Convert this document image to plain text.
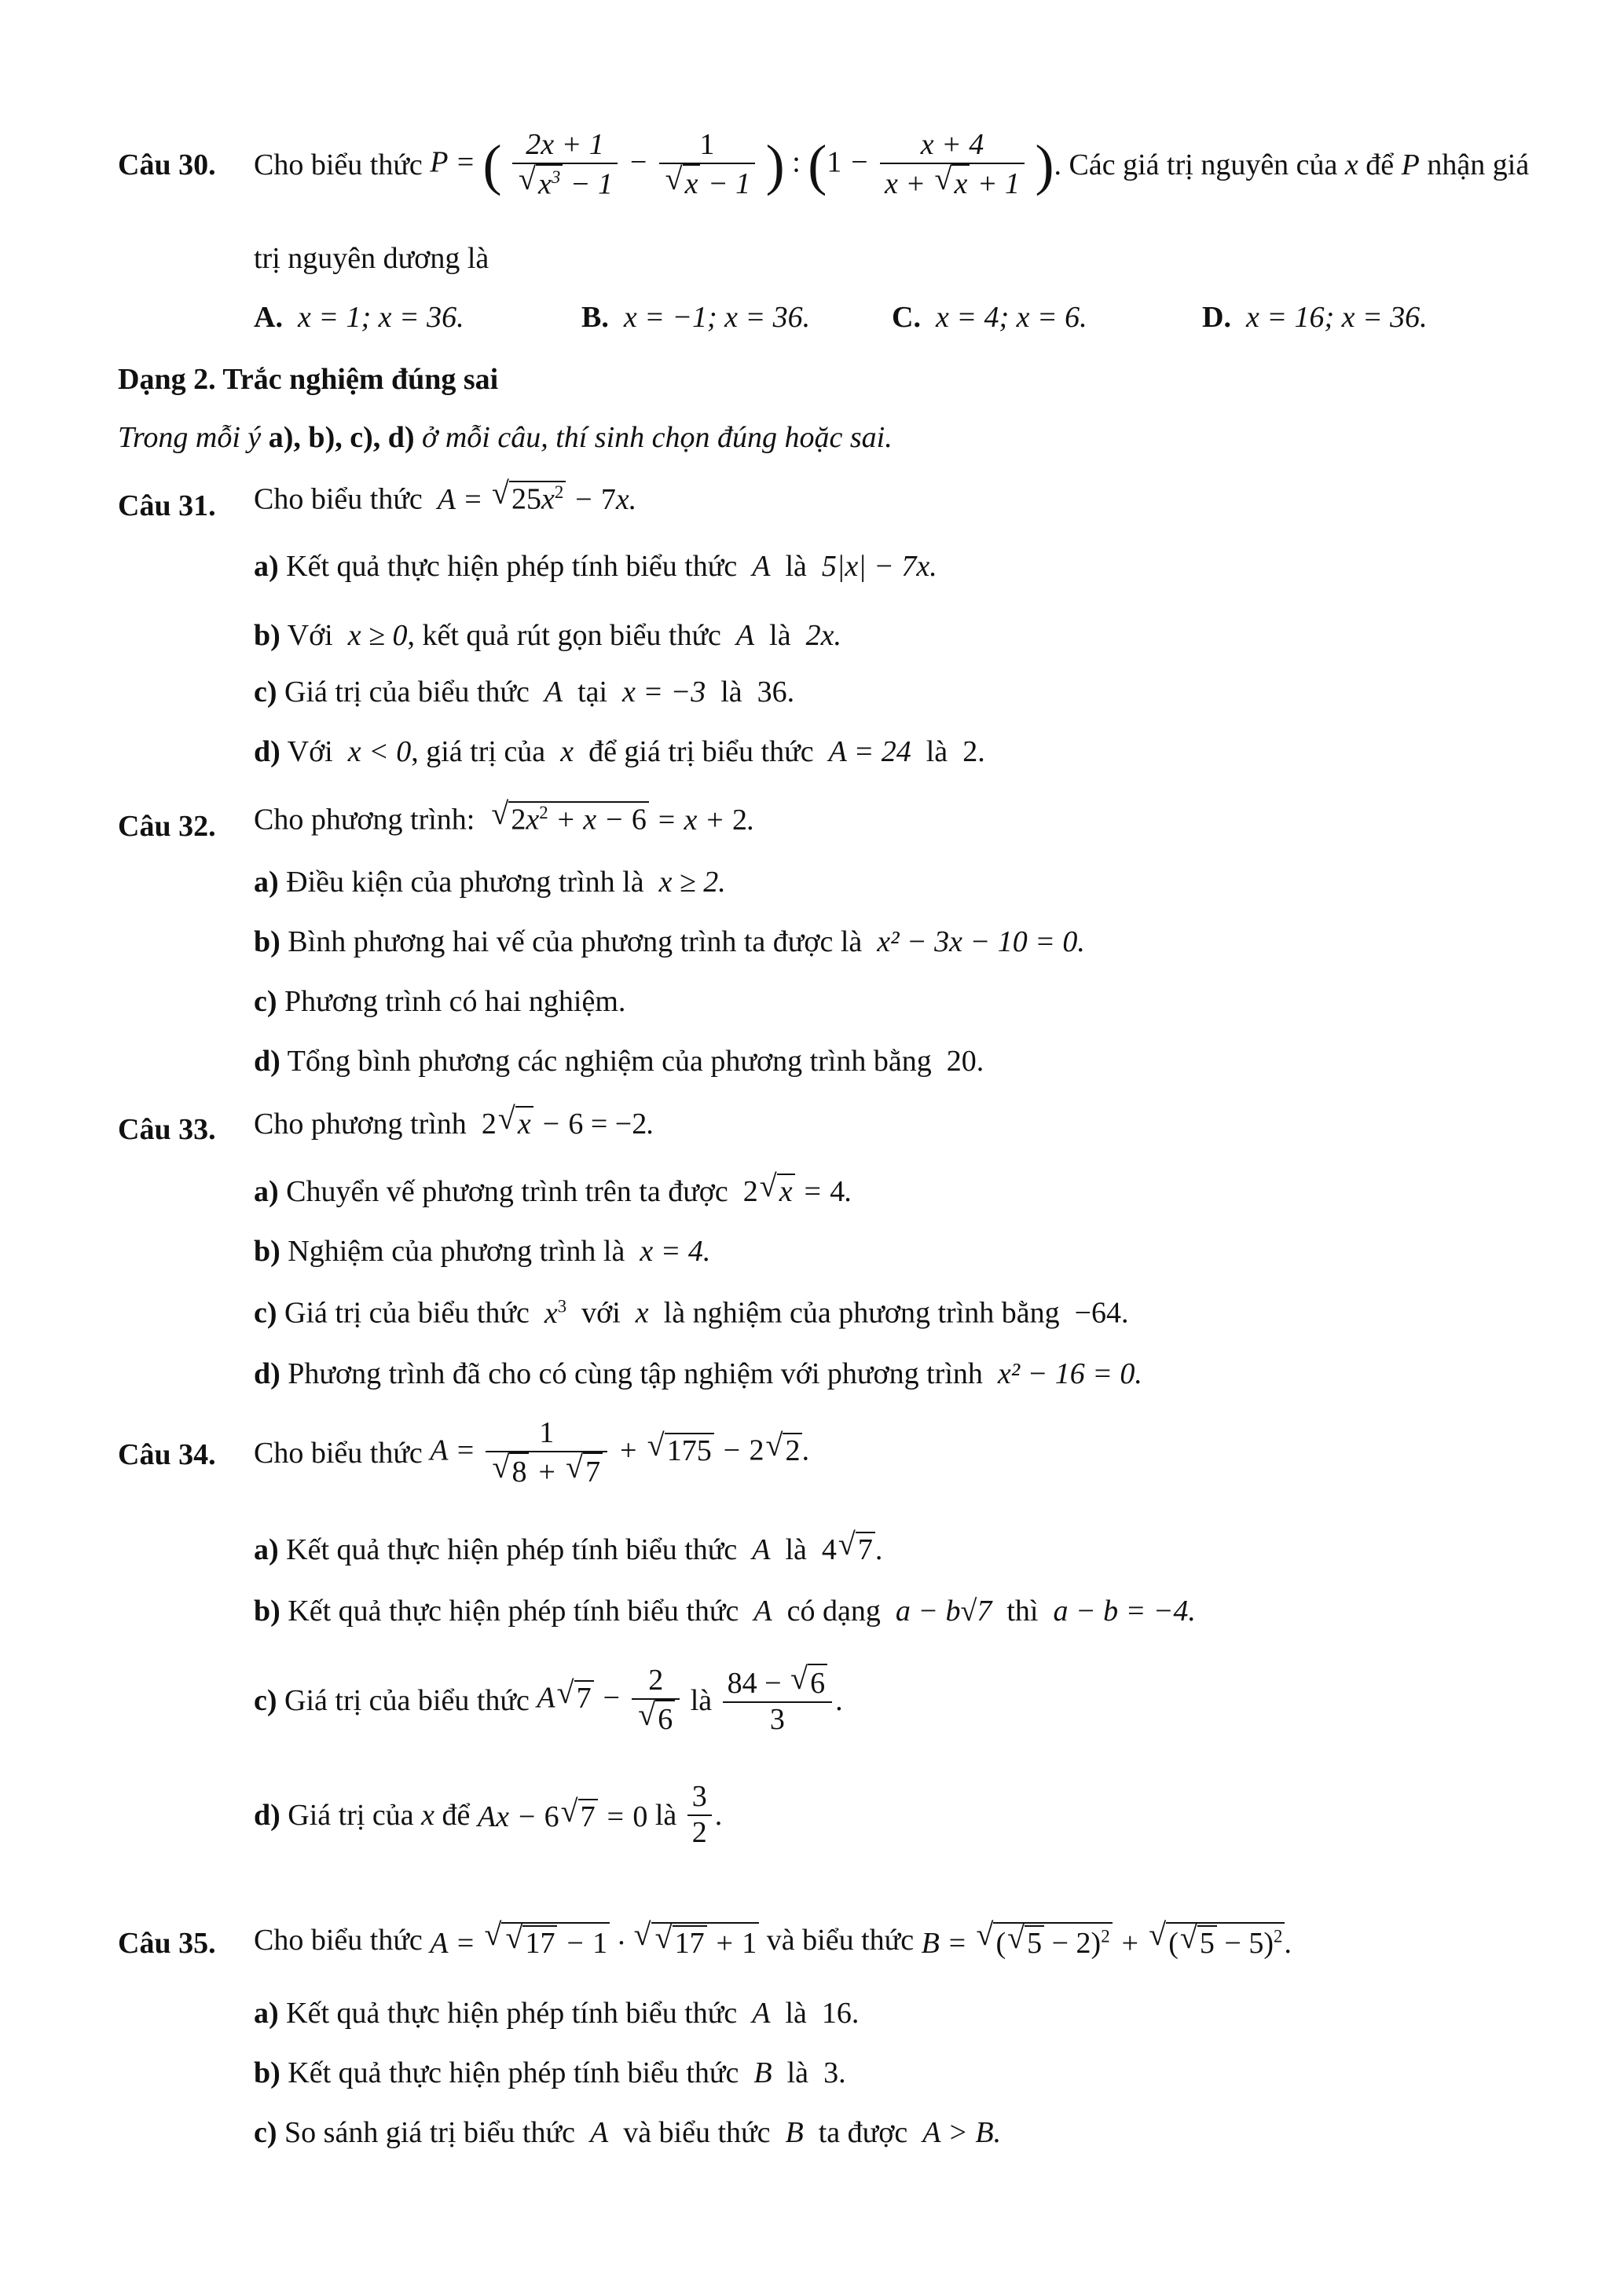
Câu 30. Cho biểu thức
P = ( 2x + 1
√ $x^3 - 1 - 1$
√ x − 1 ) : ($1 - \frac{x + 4}{x + √ x + 1}$ ) . Các giá trị nguyên của
x
để
P
nhận giá
trị nguyên dương là
A. x = 1; x = 36.	B. x = −1; x = 36.	C. x = 4; x = 6.	D. x = 16; x = 36.
Dạng 2. Trắc nghiệm đúng sai
Trong mỗi ý a), b), c), d) ở mỗi câu, thí sinh chọn đúng hoặc sai.
Câu 31. Cho biểu thức A = √ $25x^2 - 7x$.
a) Kết quả thực hiện phép tính biểu thức A là 5|x| − 7x.
b) Với x ≥ 0, kết quả rút gọn biểu thức A là 2x.
c) Giá trị của biểu thức A tại x = −3 là 36.
d) Với x < 0, giá trị của x để giá trị biểu thức A = 24 là 2.
Câu 32. Cho phương trình: √ $2x^2 + x - 6 = x + 2$.
a) Điều kiện của phương trình là x ≥ 2.
b) Bình phương hai vế của phương trình ta được là x² − 3x − 10 = 0.
c) Phương trình có hai nghiệm.
d) Tổng bình phương các nghiệm của phương trình bằng 20.
Câu 33. Cho phương trình 2 √ x − 6 = −2.
a) Chuyển vế phương trình trên ta được 2 √ x = 4.
b) Nghiệm của phương trình là x = 4.
c) Giá trị của biểu thức $x^3$ với x là nghiệm của phương trình bằng −64.
d) Phương trình đã cho có cùng tập nghiệm với phương trình x² − 16 = 0.
Câu 34. Cho biểu thức
A = 1
√ 8 + √ 7 + √ 175 − 2 √ 2.
a) Kết quả thực hiện phép tính biểu thức A là 4 √ 7.
b) Kết quả thực hiện phép tính biểu thức A có dạng a − b√7 thì a − b = −4.
c)
Giá trị của biểu thức
A √ 7 − 2
√ 6
là
$\frac{84 - √ 6}{3}$ .
d)
Giá trị của
x
để
Ax − 6 √ 7 = 0
là
$\frac{3}{2}$ .
Câu 35. Cho biểu thức
A = √ √ 17 − 1 · √ √ 17 + 1
và biểu thức
B = √ ( √ 5 − 2)$^2$ + √ ( √ 5 − 5)$^2$.
a) Kết quả thực hiện phép tính biểu thức A là 16.
b) Kết quả thực hiện phép tính biểu thức B là 3.
c) So sánh giá trị biểu thức A và biểu thức B ta được A > B.
